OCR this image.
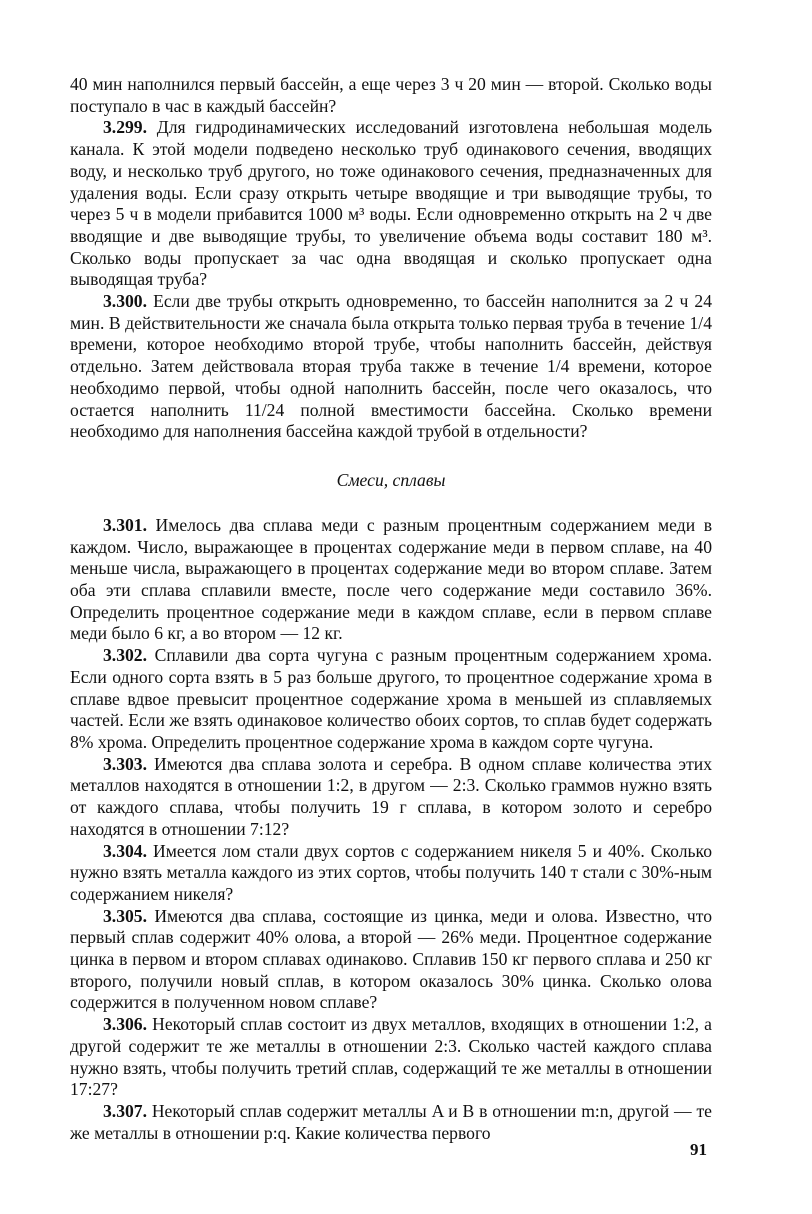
40 мин наполнился первый бассейн, а еще через 3 ч 20 мин — второй. Сколько воды поступало в час в каждый бассейн?

3.299. Для гидродинамических исследований изготовлена небольшая модель канала. К этой модели подведено несколько труб одинакового сечения, вводящих воду, и несколько труб другого, но тоже одинакового сечения, предназначенных для удаления воды. Если сразу открыть четыре вводящие и три выводящие трубы, то через 5 ч в модели прибавится 1000 м³ воды. Если одновременно открыть на 2 ч две вводящие и две выводящие трубы, то увеличение объема воды составит 180 м³. Сколько воды пропускает за час одна вводящая и сколько пропускает одна выводящая труба?

3.300. Если две трубы открыть одновременно, то бассейн наполнится за 2 ч 24 мин. В действительности же сначала была открыта только первая труба в течение 1/4 времени, которое необходимо второй трубе, чтобы наполнить бассейн, действуя отдельно. Затем действовала вторая труба также в течение 1/4 времени, которое необходимо первой, чтобы одной наполнить бассейн, после чего оказалось, что остается наполнить 11/24 полной вместимости бассейна. Сколько времени необходимо для наполнения бассейна каждой трубой в отдельности?

Смеси, сплавы

3.301. Имелось два сплава меди с разным процентным содержанием меди в каждом. Число, выражающее в процентах содержание меди в первом сплаве, на 40 меньше числа, выражающего в процентах содержание меди во втором сплаве. Затем оба эти сплава сплавили вместе, после чего содержание меди составило 36%. Определить процентное содержание меди в каждом сплаве, если в первом сплаве меди было 6 кг, а во втором — 12 кг.

3.302. Сплавили два сорта чугуна с разным процентным содержанием хрома. Если одного сорта взять в 5 раз больше другого, то процентное содержание хрома в сплаве вдвое превысит процентное содержание хрома в меньшей из сплавляемых частей. Если же взять одинаковое количество обоих сортов, то сплав будет содержать 8% хрома. Определить процентное содержание хрома в каждом сорте чугуна.

3.303. Имеются два сплава золота и серебра. В одном сплаве количества этих металлов находятся в отношении 1:2, в другом — 2:3. Сколько граммов нужно взять от каждого сплава, чтобы получить 19 г сплава, в котором золото и серебро находятся в отношении 7:12?

3.304. Имеется лом стали двух сортов с содержанием никеля 5 и 40%. Сколько нужно взять металла каждого из этих сортов, чтобы получить 140 т стали с 30%-ным содержанием никеля?

3.305. Имеются два сплава, состоящие из цинка, меди и олова. Известно, что первый сплав содержит 40% олова, а второй — 26% меди. Процентное содержание цинка в первом и втором сплавах одинаково. Сплавив 150 кг первого сплава и 250 кг второго, получили новый сплав, в котором оказалось 30% цинка. Сколько олова содержится в полученном новом сплаве?

3.306. Некоторый сплав состоит из двух металлов, входящих в отношении 1:2, а другой содержит те же металлы в отношении 2:3. Сколько частей каждого сплава нужно взять, чтобы получить третий сплав, содержащий те же металлы в отношении 17:27?

3.307. Некоторый сплав содержит металлы A и B в отношении m:n, другой — те же металлы в отношении p:q. Какие количества первого

91
